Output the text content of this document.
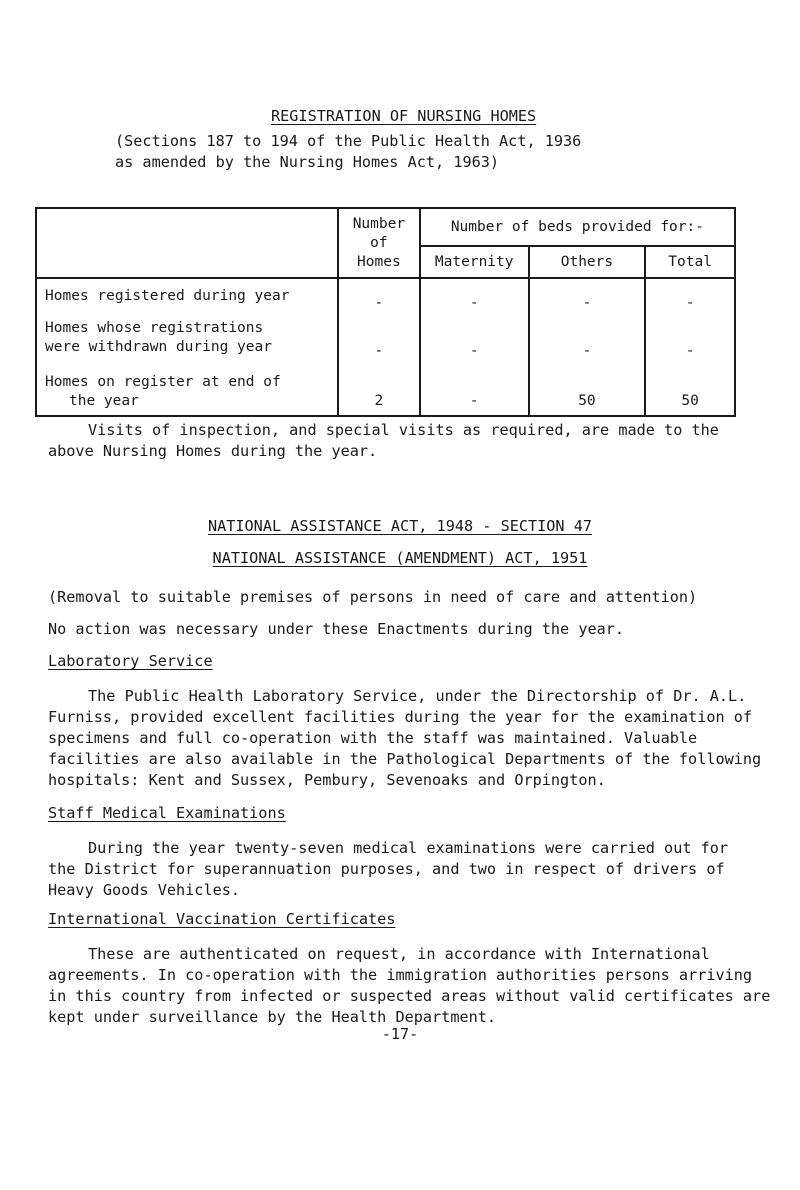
REGISTRATION OF NURSING HOMES
(Sections 187 to 194 of the Public Health Act, 1936
as amended by the Nursing Homes Act, 1963)

	Number
of
Homes	Number of beds provided for:-		
		Maternity	Others	Total

Homes registered during year	-	-	-	-

Homes whose registrations
were withdrawn during year	-	-	-	-

Homes on register at end of
the year	2	-	50	50

Visits of inspection, and special visits as required, are made to the

above Nursing Homes during the year.

NATIONAL ASSISTANCE ACT, 1948 - SECTION 47
NATIONAL ASSISTANCE (AMENDMENT) ACT, 1951

(Removal to suitable premises of persons in need of care and attention)

No action was necessary under these Enactments during the year.

Laboratory Service

The Public Health Laboratory Service, under the Directorship of Dr. A.L.

Furniss, provided excellent facilities during the year for the examination of

specimens and full co-operation with the staff was maintained. Valuable

facilities are also available in the Pathological Departments of the following

hospitals: Kent and Sussex, Pembury, Sevenoaks and Orpington.

Staff Medical Examinations

During the year twenty-seven medical examinations were carried out for

the District for superannuation purposes, and two in respect of drivers of

Heavy Goods Vehicles.

International Vaccination Certificates

These are authenticated on request, in accordance with International

agreements. In co-operation with the immigration authorities persons arriving

in this country from infected or suspected areas without valid certificates are

kept under surveillance by the Health Department.

-17-
